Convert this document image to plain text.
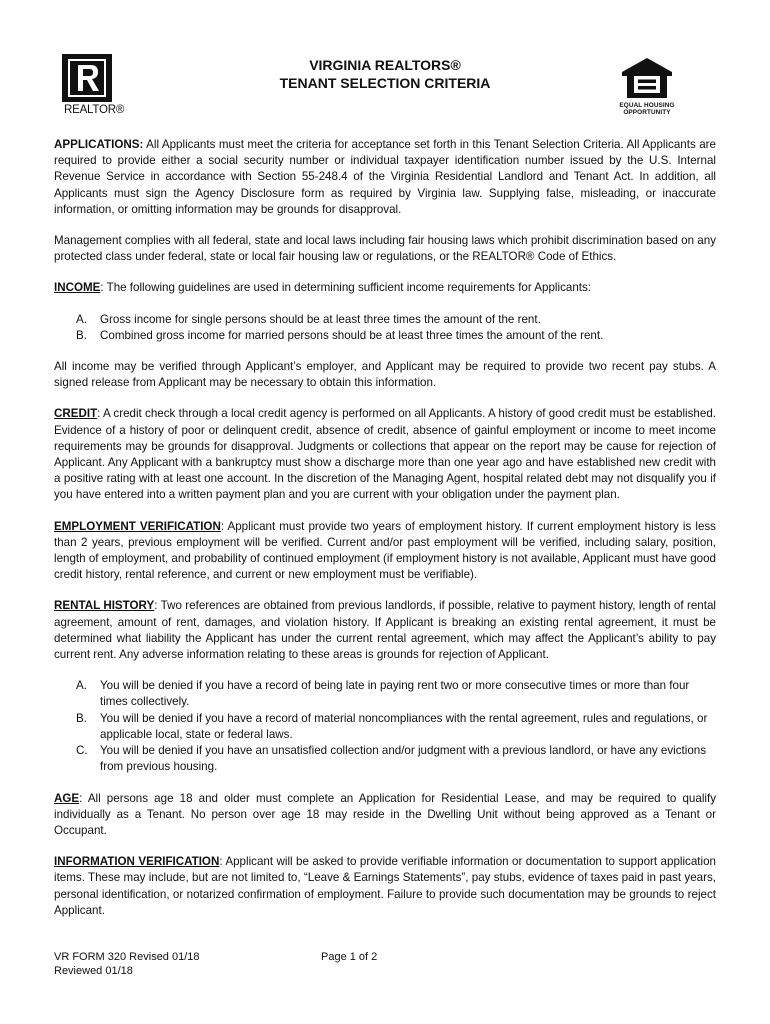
REALTOR®
VIRGINIA REALTORS®
TENANT SELECTION CRITERIA
EQUAL HOUSING
OPPORTUNITY

APPLICATIONS: All Applicants must meet the criteria for acceptance set forth in this Tenant Selection Criteria. All Applicants are required to provide either a social security number or individual taxpayer identification number issued by the U.S. Internal Revenue Service in accordance with Section 55-248.4 of the Virginia Residential Landlord and Tenant Act. In addition, all Applicants must sign the Agency Disclosure form as required by Virginia law. Supplying false, misleading, or inaccurate information, or omitting information may be grounds for disapproval.

Management complies with all federal, state and local laws including fair housing laws which prohibit discrimination based on any protected class under federal, state or local fair housing law or regulations, or the REALTOR® Code of Ethics.

INCOME: The following guidelines are used in determining sufficient income requirements for Applicants:

A. Gross income for single persons should be at least three times the amount of the rent.
B. Combined gross income for married persons should be at least three times the amount of the rent.

All income may be verified through Applicant’s employer, and Applicant may be required to provide two recent pay stubs. A signed release from Applicant may be necessary to obtain this information.

CREDIT: A credit check through a local credit agency is performed on all Applicants. A history of good credit must be established. Evidence of a history of poor or delinquent credit, absence of credit, absence of gainful employment or income to meet income requirements may be grounds for disapproval. Judgments or collections that appear on the report may be cause for rejection of Applicant. Any Applicant with a bankruptcy must show a discharge more than one year ago and have established new credit with a positive rating with at least one account. In the discretion of the Managing Agent, hospital related debt may not disqualify you if you have entered into a written payment plan and you are current with your obligation under the payment plan.

EMPLOYMENT VERIFICATION: Applicant must provide two years of employment history. If current employment history is less than 2 years, previous employment will be verified. Current and/or past employment will be verified, including salary, position, length of employment, and probability of continued employment (if employment history is not available, Applicant must have good credit history, rental reference, and current or new employment must be verifiable).

RENTAL HISTORY: Two references are obtained from previous landlords, if possible, relative to payment history, length of rental agreement, amount of rent, damages, and violation history. If Applicant is breaking an existing rental agreement, it must be determined what liability the Applicant has under the current rental agreement, which may affect the Applicant’s ability to pay current rent. Any adverse information relating to these areas is grounds for rejection of Applicant.

A. You will be denied if you have a record of being late in paying rent two or more consecutive times or more than four times collectively.
B. You will be denied if you have a record of material noncompliances with the rental agreement, rules and regulations, or applicable local, state or federal laws.
C. You will be denied if you have an unsatisfied collection and/or judgment with a previous landlord, or have any evictions from previous housing.

AGE: All persons age 18 and older must complete an Application for Residential Lease, and may be required to qualify individually as a Tenant. No person over age 18 may reside in the Dwelling Unit without being approved as a Tenant or Occupant.

INFORMATION VERIFICATION: Applicant will be asked to provide verifiable information or documentation to support application items. These may include, but are not limited to, “Leave & Earnings Statements”, pay stubs, evidence of taxes paid in past years, personal identification, or notarized confirmation of employment. Failure to provide such documentation may be grounds to reject Applicant.

VR FORM 320 Revised 01/18
Reviewed 01/18
Page 1 of 2
